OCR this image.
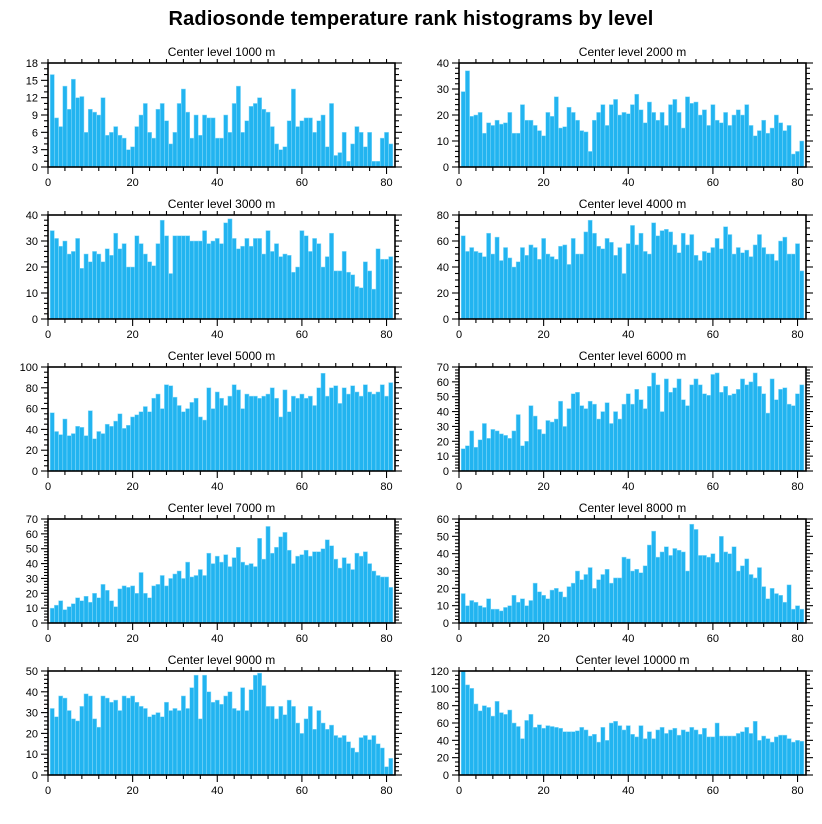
Radiosonde temperature rank histograms by level
Center level 1000 m
0	20	40	60	80
0
3
6
9
12
15
18
Center level 2000 m
0	20	40	60	80
0
10
20
30
40
Center level 3000 m
0	20	40	60	80
0
10
20
30
40
Center level 4000 m
0	20	40	60	80
0
20
40
60
80
Center level 5000 m
0	20	40	60	80
0
20
40
60
80
100
Center level 6000 m
0	20	40	60	80
0
10
20
30
40
50
60
70
Center level 7000 m
0	20	40	60	80
0
10
20
30
40
50
60
70
Center level 8000 m
0	20	40	60	80
0
10
20
30
40
50
60
Center level 9000 m
0	20	40	60	80
0
10
20
30
40
50
Center level 10000 m
0	20	40	60	80
0
20
40
60
80
100
120
